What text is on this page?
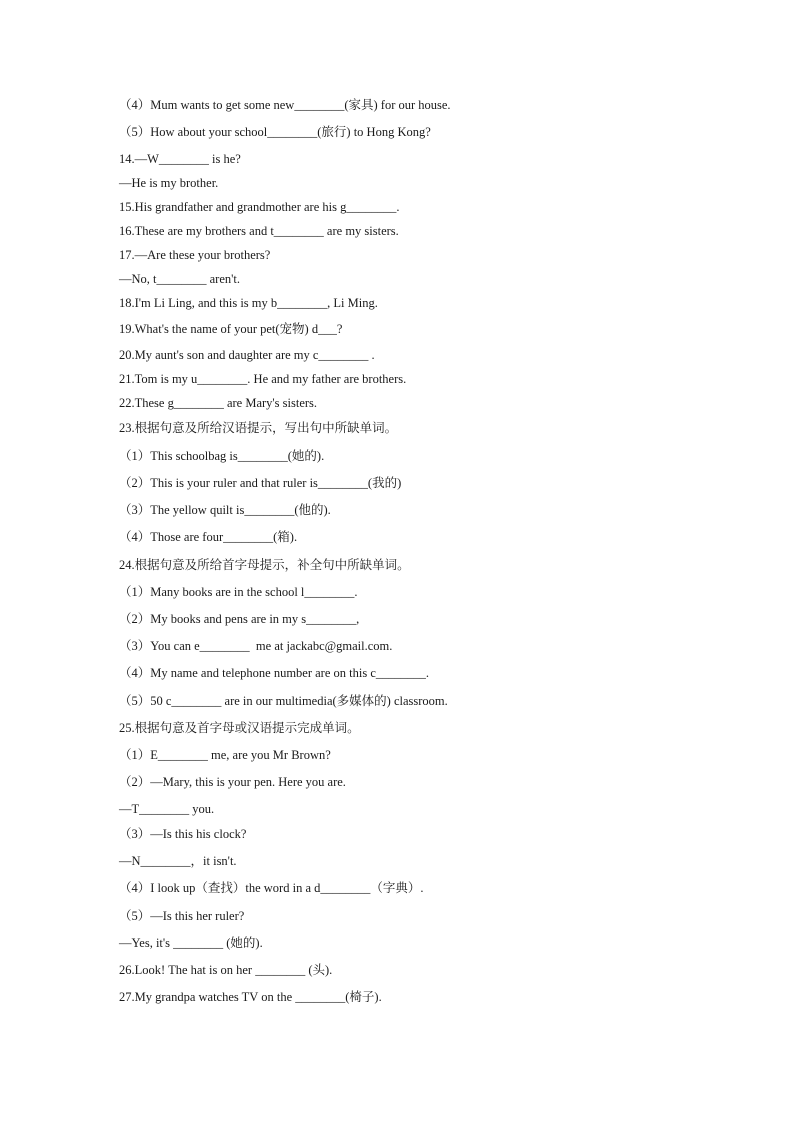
（4）Mum wants to get some new________(家具) for our house.
（5）How about your school________(旅行) to Hong Kong?
14.—W________ is he?
—He is my brother.
15.His grandfather and grandmother are his g________.
16.These are my brothers and t________ are my sisters.
17.—Are these your brothers?
—No, t________ aren't.
18.I'm Li Ling, and this is my b________, Li Ming.
19.What's the name of your pet(宠物) d___?
20.My aunt's son and daughter are my c________ .
21.Tom is my u________. He and my father are brothers.
22.These g________ are Mary's sisters.
23.根据句意及所给汉语提示，写出句中所缺单词。
（1）This schoolbag is________(她的).
（2）This is your ruler and that ruler is________(我的)
（3）The yellow quilt is________(他的).
（4）Those are four________(箱).
24.根据句意及所给首字母提示，补全句中所缺单词。
（1）Many books are in the school l________.
（2）My books and pens are in my s________,
（3）You can e________  me at jackabc@gmail.com.
（4）My name and telephone number are on this c________.
（5）50 c________ are in our multimedia(多媒体的) classroom.
25.根据句意及首字母或汉语提示完成单词。
（1）E________ me, are you Mr Brown?
（2）—Mary, this is your pen. Here you are.
—T________ you.
（3）—Is this his clock?
—N________，it isn't.
（4）I look up（查找）the word in a d________（字典）.
（5）—Is this her ruler?
—Yes, it's ________ (她的).
26.Look! The hat is on her ________ (头).
27.My grandpa watches TV on the ________(椅子).
